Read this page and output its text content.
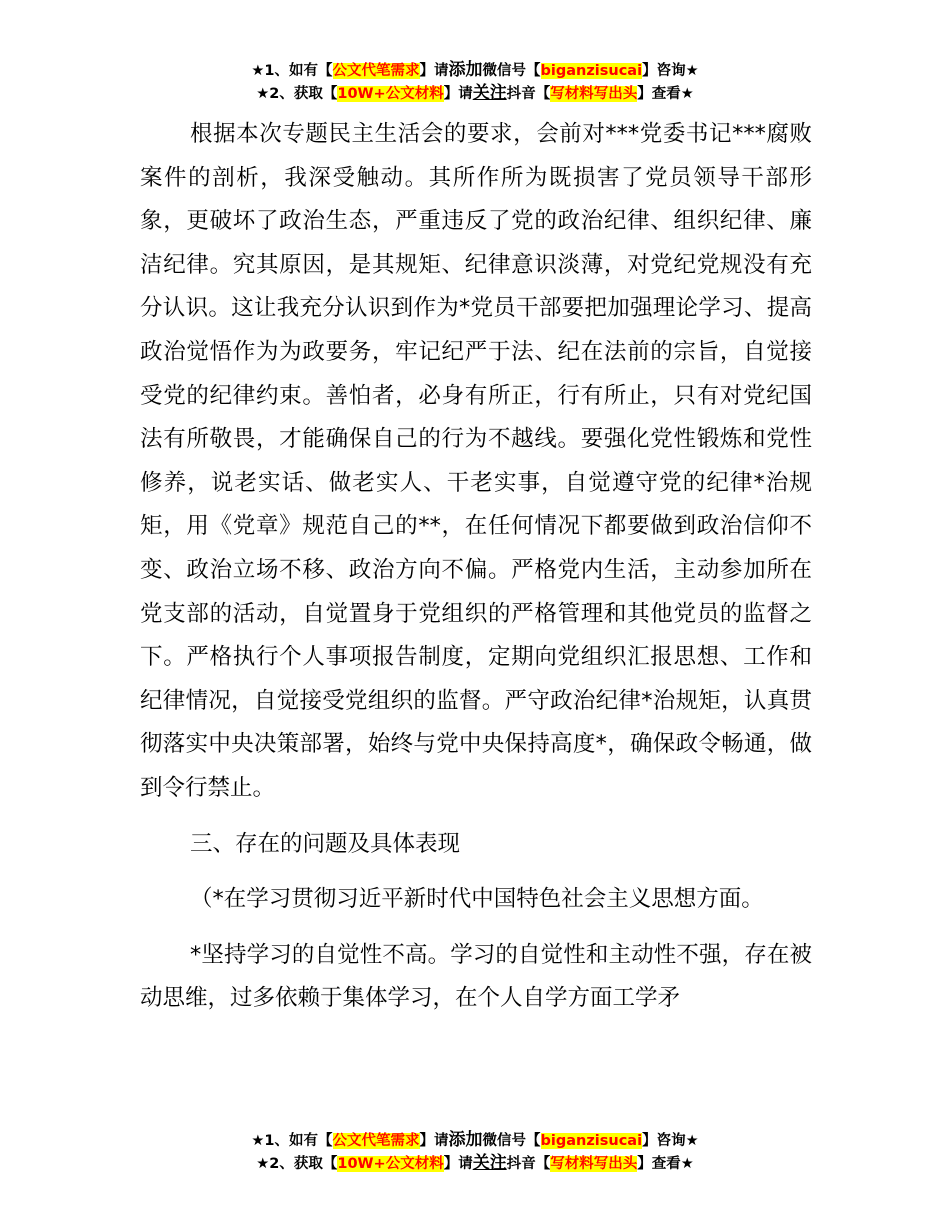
★1、如有【公文代笔需求】请添加微信号【biganzisucai】咨询★
★2、获取【10W+公文材料】请关注抖音【写材料写出头】查看★

根据本次专题民主生活会的要求，会前对***党委书记***腐败案件的剖析，我深受触动。其所作所为既损害了党员领导干部形象，更破坏了政治生态，严重违反了党的政治纪律、组织纪律、廉洁纪律。究其原因，是其规矩、纪律意识淡薄，对党纪党规没有充分认识。这让我充分认识到作为*党员干部要把加强理论学习、提高政治觉悟作为为政要务，牢记纪严于法、纪在法前的宗旨，自觉接受党的纪律约束。善怕者，必身有所正，行有所止，只有对党纪国法有所敬畏，才能确保自己的行为不越线。要强化党性锻炼和党性修养，说老实话、做老实人、干老实事，自觉遵守党的纪律*治规矩，用《党章》规范自己的**，在任何情况下都要做到政治信仰不变、政治立场不移、政治方向不偏。严格党内生活，主动参加所在党支部的活动，自觉置身于党组织的严格管理和其他党员的监督之下。严格执行个人事项报告制度，定期向党组织汇报思想、工作和纪律情况，自觉接受党组织的监督。严守政治纪律*治规矩，认真贯彻落实中央决策部署，始终与党中央保持高度*，确保政令畅通，做到令行禁止。

三、存在的问题及具体表现

（*在学习贯彻习近平新时代中国特色社会主义思想方面。

*坚持学习的自觉性不高。学习的自觉性和主动性不强，存在被动思维，过多依赖于集体学习，在个人自学方面工学矛

★1、如有【公文代笔需求】请添加微信号【biganzisucai】咨询★
★2、获取【10W+公文材料】请关注抖音【写材料写出头】查看★
